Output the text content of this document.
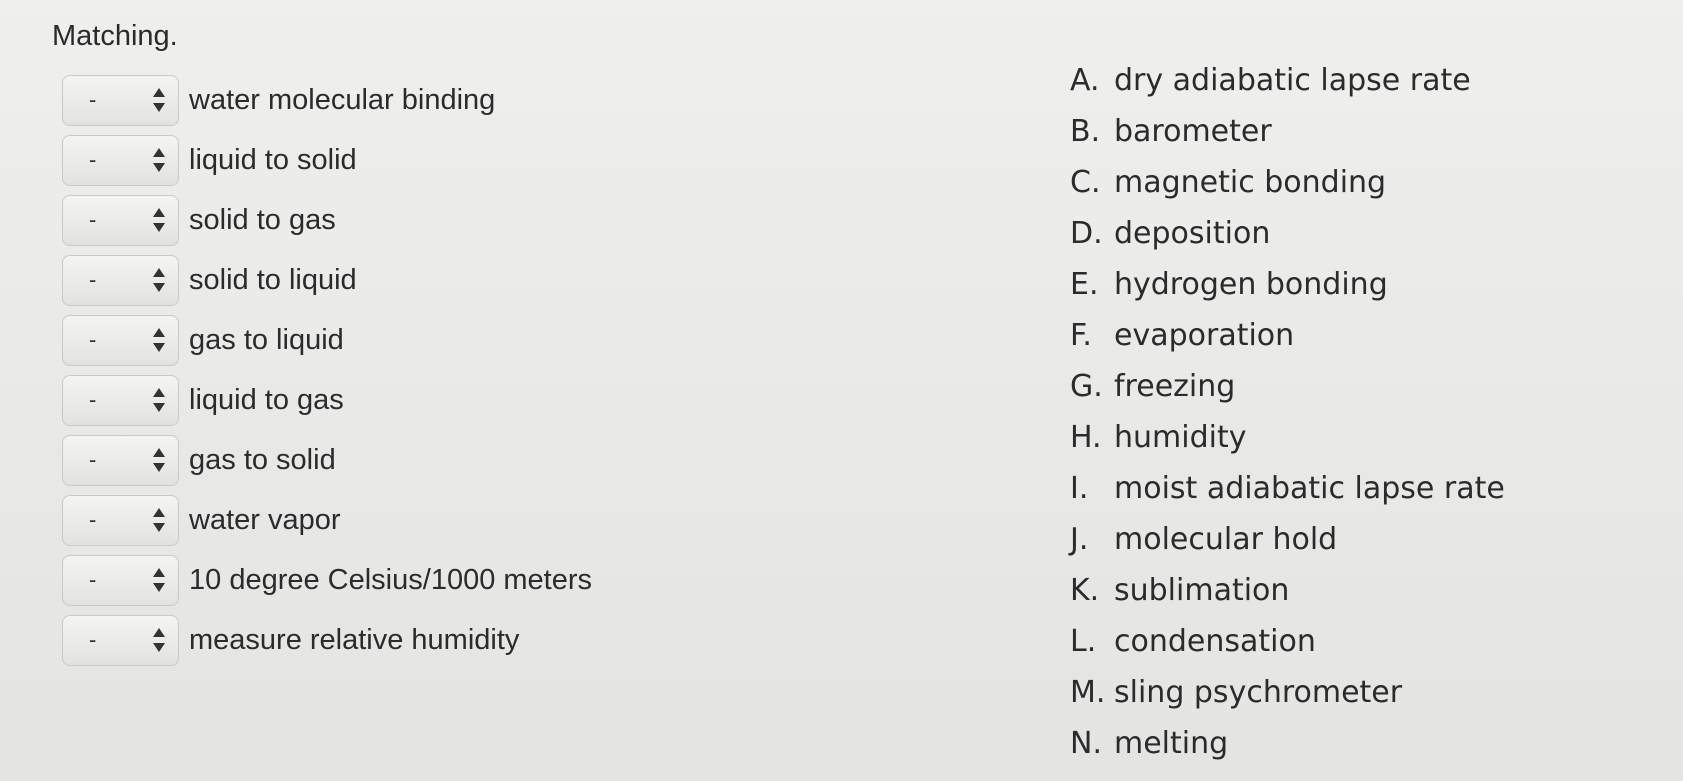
Matching.
-	water molecular binding
-	liquid to solid
-	solid to gas
-	solid to liquid
-	gas to liquid
-	liquid to gas
-	gas to solid
-	water vapor
-	10 degree Celsius/1000 meters
-	measure relative humidity
A. dry adiabatic lapse rate
B. barometer
C. magnetic bonding
D. deposition
E. hydrogen bonding
F. evaporation
G. freezing
H. humidity
I. moist adiabatic lapse rate
J. molecular hold
K. sublimation
L. condensation
M. sling psychrometer
N. melting
